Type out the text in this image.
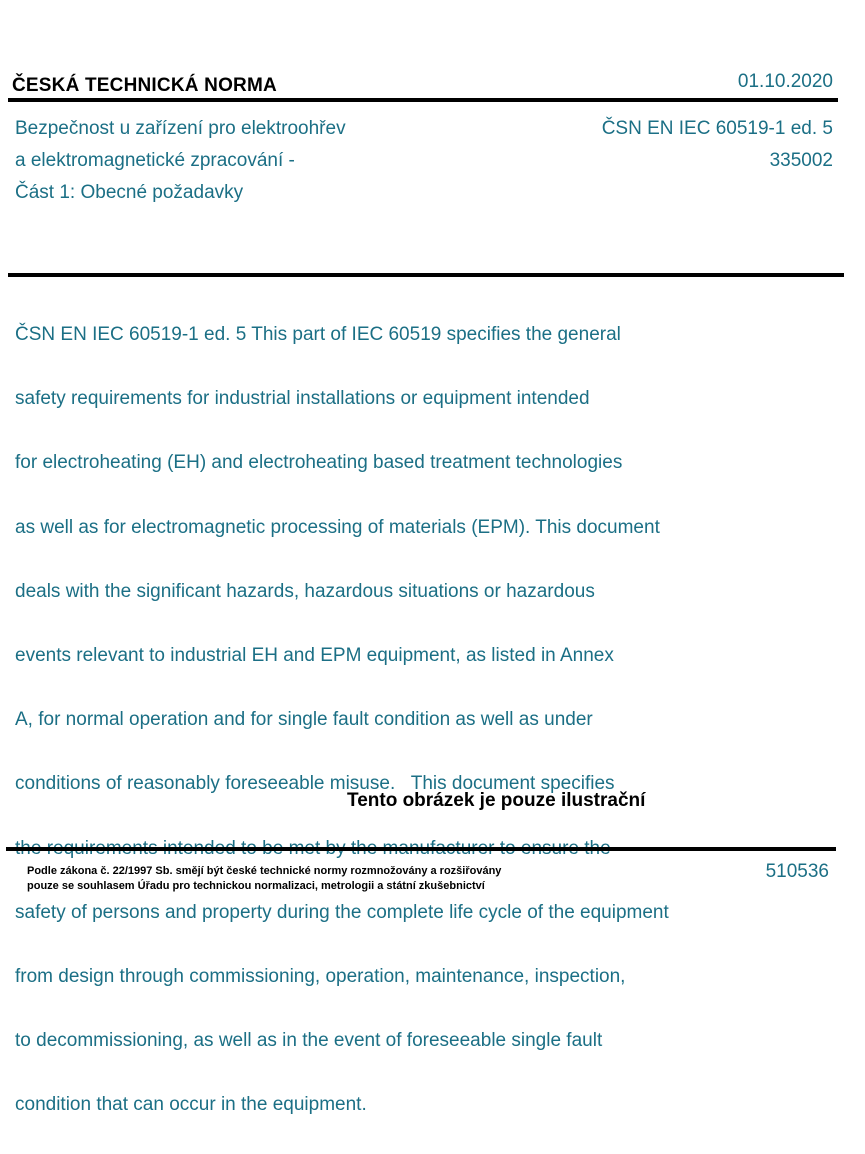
ČESKÁ TECHNICKÁ NORMA	01.10.2020
Bezpečnost u zařízení pro elektroohřev
a elektromagnetické zpracování -
Část 1: Obecné požadavky
ČSN EN IEC 60519-1 ed. 5
335002

ČSN EN IEC 60519-1 ed. 5 This part of IEC 60519 specifies the general

safety requirements for industrial installations or equipment intended

for electroheating (EH) and electroheating based treatment technologies

as well as for electromagnetic processing of materials (EPM). This document

deals with the significant hazards, hazardous situations or hazardous

events relevant to industrial EH and EPM equipment, as listed in Annex

A, for normal operation and for single fault condition as well as under

conditions of reasonably foreseeable misuse.   This document specifies

safety of persons and property during the complete life cycle of the equipment

from design through commissioning, operation, maintenance, inspection,

to decommissioning, as well as in the event of foreseeable single fault

condition that can occur in the equipment.

Tento obrázek je pouze ilustrační
Podle zákona č. 22/1997 Sb. smějí být české technické normy rozmnožovány a rozšiřovány
pouze se souhlasem Úřadu pro technickou normalizaci, metrologii a státní zkušebnictví
510536
